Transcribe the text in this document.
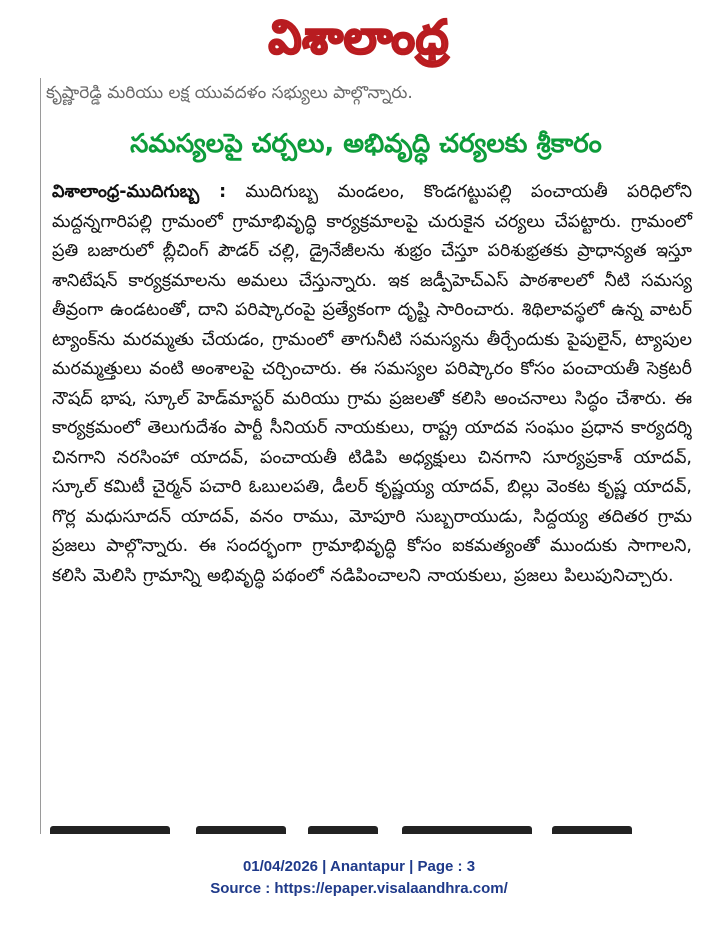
విశాలాంధ్ర
కృష్ణారెడ్డి మరియు లక్ష యువదళం సభ్యులు పాల్గొన్నారు.
సమస్యలపై చర్చలు, అభివృద్ధి చర్యలకు శ్రీకారం
విశాలాంధ్ర-ముదిగుబ్బ : ముదిగుబ్బ మండలం, కొండగట్టుపల్లి పంచాయతీ పరిధిలోని మద్దన్నగారిపల్లి గ్రామంలో గ్రామాభివృద్ధి కార్యక్రమాలపై చురుకైన చర్యలు చేపట్టారు. గ్రామంలో ప్రతి బజారులో బ్లీచింగ్ పౌడర్ చల్లి, డ్రైనేజీలను శుభ్రం చేస్తూ పరిశుభ్రతకు ప్రాధాన్యత ఇస్తూ శానిటేషన్ కార్యక్రమాలను అమలు చేస్తున్నారు. ఇక జడ్పీహెచ్ఎస్ పాఠశాలలో నీటి సమస్య తీవ్రంగా ఉండటంతో, దాని పరిష్కారంపై ప్రత్యేకంగా దృష్టి సారించారు. శిథిలావస్థలో ఉన్న వాటర్ ట్యాంక్‌ను మరమ్మతు చేయడం, గ్రామంలో తాగునీటి సమస్యను తీర్చేందుకు పైపులైన్, ట్యాపుల మరమ్మత్తులు వంటి అంశాలపై చర్చించారు. ఈ సమస్యల పరిష్కారం కోసం పంచాయతీ సెక్రటరీ నౌషద్ భాష, స్కూల్ హెడ్‌మాస్టర్ మరియు గ్రామ ప్రజలతో కలిసి అంచనాలు సిద్ధం చేశారు. ఈ కార్యక్రమంలో తెలుగుదేశం పార్టీ సీనియర్ నాయకులు, రాష్ట్ర యాదవ సంఘం ప్రధాన కార్యదర్శి చినగాని నరసింహా యాదవ్, పంచాయతీ టిడిపి అధ్యక్షులు చినగాని సూర్యప్రకాశ్ యాదవ్, స్కూల్ కమిటీ చైర్మన్ పచారి ఓబులపతి, డీలర్ కృష్ణయ్య యాదవ్, బిల్లు వెంకట కృష్ణ యాదవ్, గొర్ల మధుసూదన్ యాదవ్, వనం రాము, మోపూరి సుబ్బరాయుడు, సిద్దయ్య తదితర గ్రామ ప్రజలు పాల్గొన్నారు. ఈ సందర్భంగా గ్రామాభివృద్ధి కోసం ఐకమత్యంతో ముందుకు సాగాలని, కలిసి మెలిసి గ్రామాన్ని అభివృద్ధి పథంలో నడిపించాలని నాయకులు, ప్రజలు పిలుపునిచ్చారు.
01/04/2026 | Anantapur | Page : 3
Source : https://epaper.visalaandhra.com/
